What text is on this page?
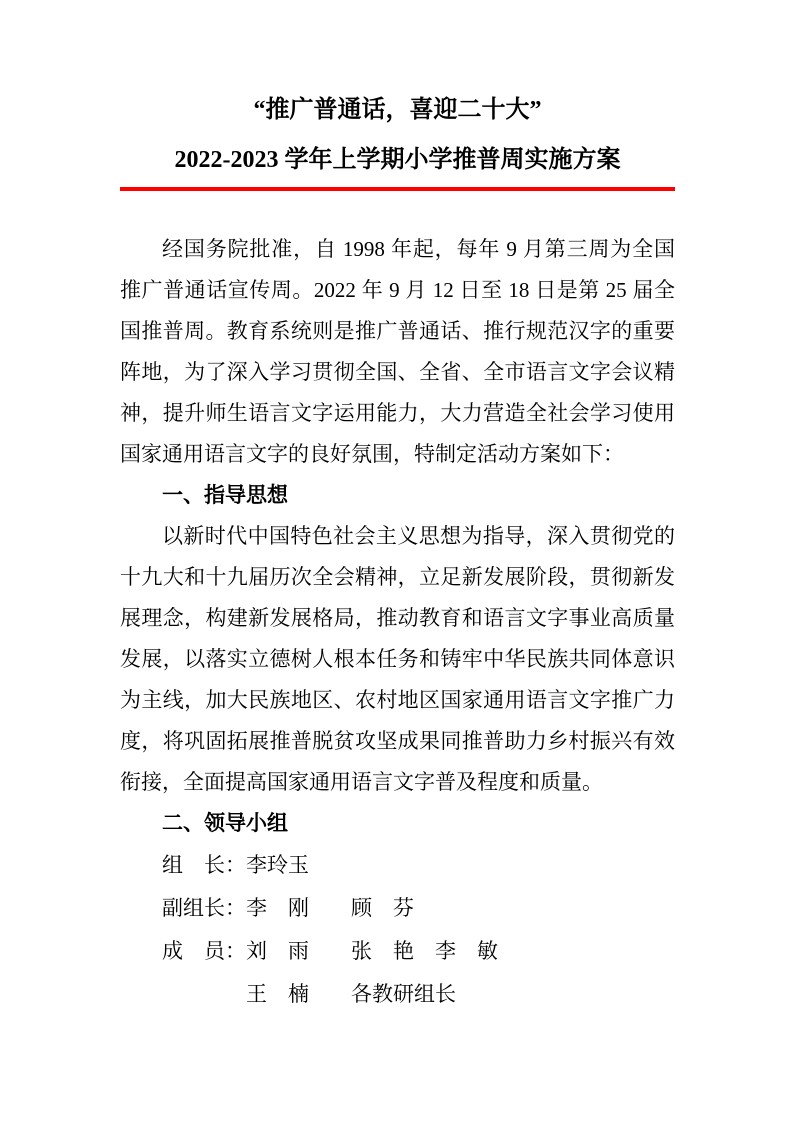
“推广普通话，喜迎二十大”
2022-2023 学年上学期小学推普周实施方案

经国务院批准，自 1998 年起，每年 9 月第三周为全国推广普通话宣传周。2022 年 9 月 12 日至 18 日是第 25 届全国推普周。教育系统则是推广普通话、推行规范汉字的重要阵地，为了深入学习贯彻全国、全省、全市语言文字会议精神，提升师生语言文字运用能力，大力营造全社会学习使用国家通用语言文字的良好氛围，特制定活动方案如下：

一、指导思想

以新时代中国特色社会主义思想为指导，深入贯彻党的十九大和十九届历次全会精神，立足新发展阶段，贯彻新发展理念，构建新发展格局，推动教育和语言文字事业高质量发展，以落实立德树人根本任务和铸牢中华民族共同体意识为主线，加大民族地区、农村地区国家通用语言文字推广力度，将巩固拓展推普脱贫攻坚成果同推普助力乡村振兴有效衔接，全面提高国家通用语言文字普及程度和质量。

二、领导小组

组　长：李玲玉

副组长：李　刚　　顾　芬

成　员：刘　雨　　张　艳　李　敏

王　楠　　各教研组长
